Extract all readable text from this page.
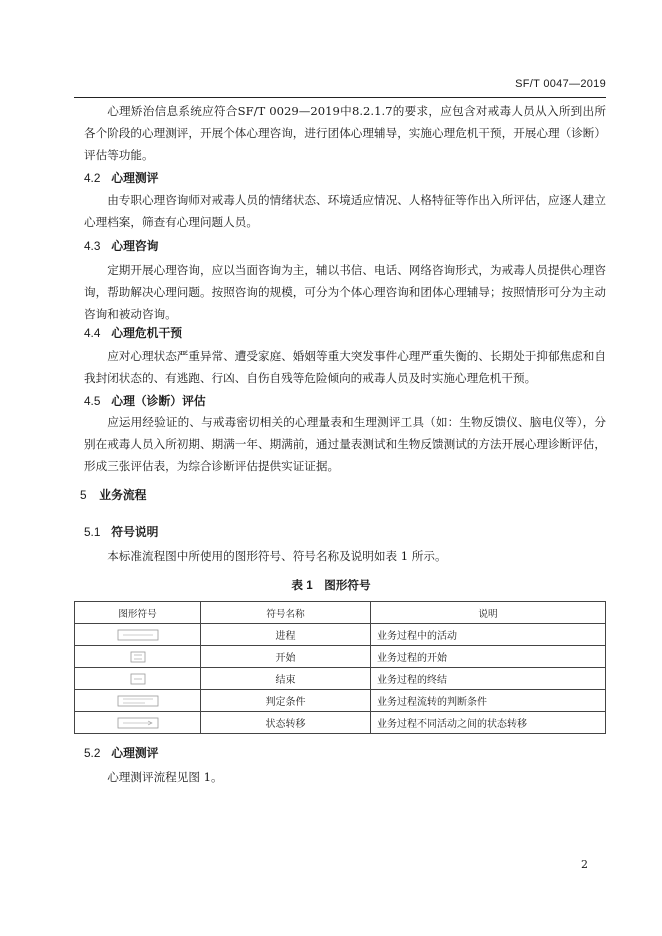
SF/T 0047—2019

心理矫治信息系统应符合SF/T 0029—2019中8.2.1.7的要求，应包含对戒毒人员从入所到出所各个阶段的心理测评，开展个体心理咨询，进行团体心理辅导，实施心理危机干预，开展心理（诊断）评估等功能。

4.2 心理测评

由专职心理咨询师对戒毒人员的情绪状态、环境适应情况、人格特征等作出入所评估，应逐人建立心理档案，筛查有心理问题人员。

4.3 心理咨询

定期开展心理咨询，应以当面咨询为主，辅以书信、电话、网络咨询形式，为戒毒人员提供心理咨询，帮助解决心理问题。按照咨询的规模，可分为个体心理咨询和团体心理辅导；按照情形可分为主动咨询和被动咨询。

4.4 心理危机干预

应对心理状态严重异常、遭受家庭、婚姻等重大突发事件心理严重失衡的、长期处于抑郁焦虑和自我封闭状态的、有逃跑、行凶、自伤自残等危险倾向的戒毒人员及时实施心理危机干预。

4.5 心理（诊断）评估

应运用经验证的、与戒毒密切相关的心理量表和生理测评工具（如：生物反馈仪、脑电仪等），分别在戒毒人员入所初期、期满一年、期满前，通过量表测试和生物反馈测试的方法开展心理诊断评估，形成三张评估表，为综合诊断评估提供实证证据。

5 业务流程
5.1 符号说明

本标准流程图中所使用的图形符号、符号名称及说明如表 1 所示。

表 1　图形符号
图形符号	符号名称	说明
	进程	业务过程中的活动
	开始	业务过程的开始
	结束	业务过程的终结
	判定条件	业务过程流转的判断条件
	状态转移	业务过程不同活动之间的状态转移
5.2 心理测评

心理测评流程见图 1。

2
